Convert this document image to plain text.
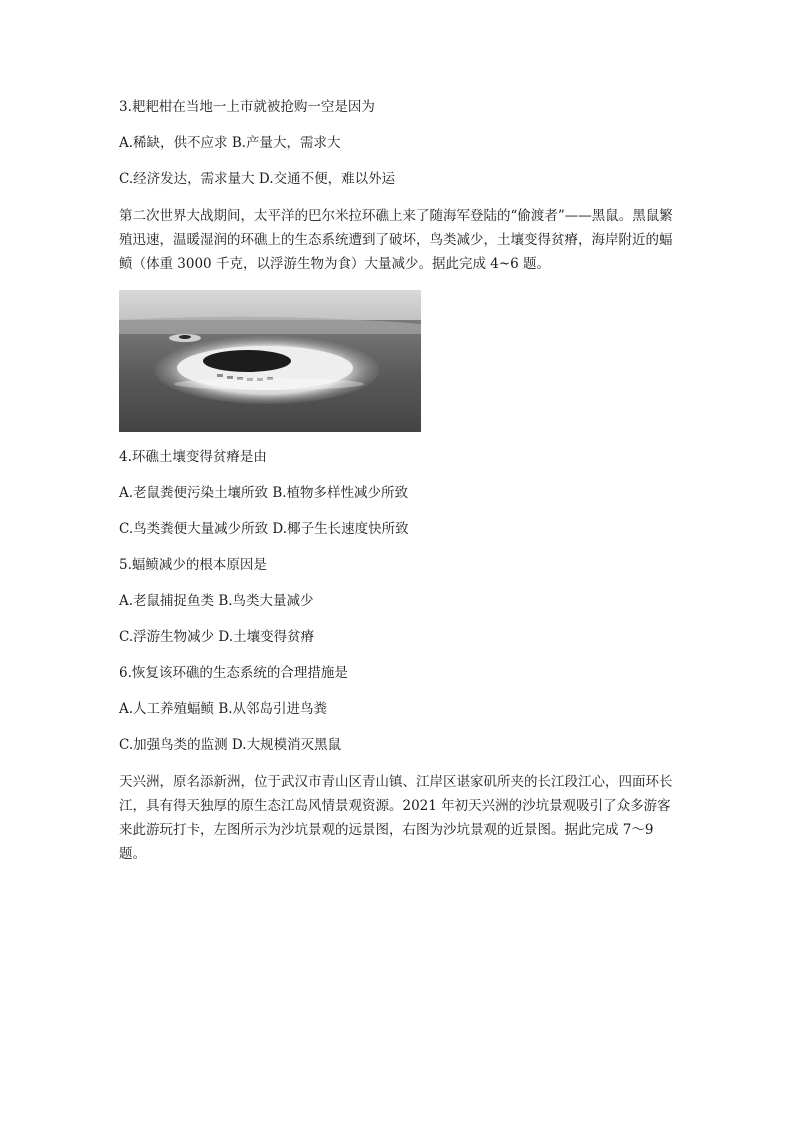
3.耙耙柑在当地一上市就被抢购一空是因为

A.稀缺，供不应求 B.产量大，需求大

C.经济发达，需求量大 D.交通不便，难以外运

第二次世界大战期间，太平洋的巴尔米拉环礁上来了随海军登陆的“偷渡者”——黑鼠。黑鼠繁殖迅速，温暖湿润的环礁上的生态系统遭到了破坏，鸟类减少，土壤变得贫瘠，海岸附近的蝠鲼（体重 3000 千克，以浮游生物为食）大量减少。据此完成 4~6 题。

4.环礁土壤变得贫瘠是由

A.老鼠粪便污染土壤所致 B.植物多样性减少所致

C.鸟类粪便大量减少所致 D.椰子生长速度快所致

5.蝠鲼减少的根本原因是

A.老鼠捕捉鱼类 B.鸟类大量减少

C.浮游生物减少 D.土壤变得贫瘠

6.恢复该环礁的生态系统的合理措施是

A.人工养殖蝠鲼 B.从邻岛引进鸟粪

C.加强鸟类的监测 D.大规模消灭黑鼠

天兴洲，原名添新洲，位于武汉市青山区青山镇、江岸区谌家矶所夹的长江段江心，四面环长江，具有得天独厚的原生态江岛风情景观资源。2021 年初天兴洲的沙坑景观吸引了众多游客来此游玩打卡，左图所示为沙坑景观的远景图，右图为沙坑景观的近景图。据此完成 7～9 题。
